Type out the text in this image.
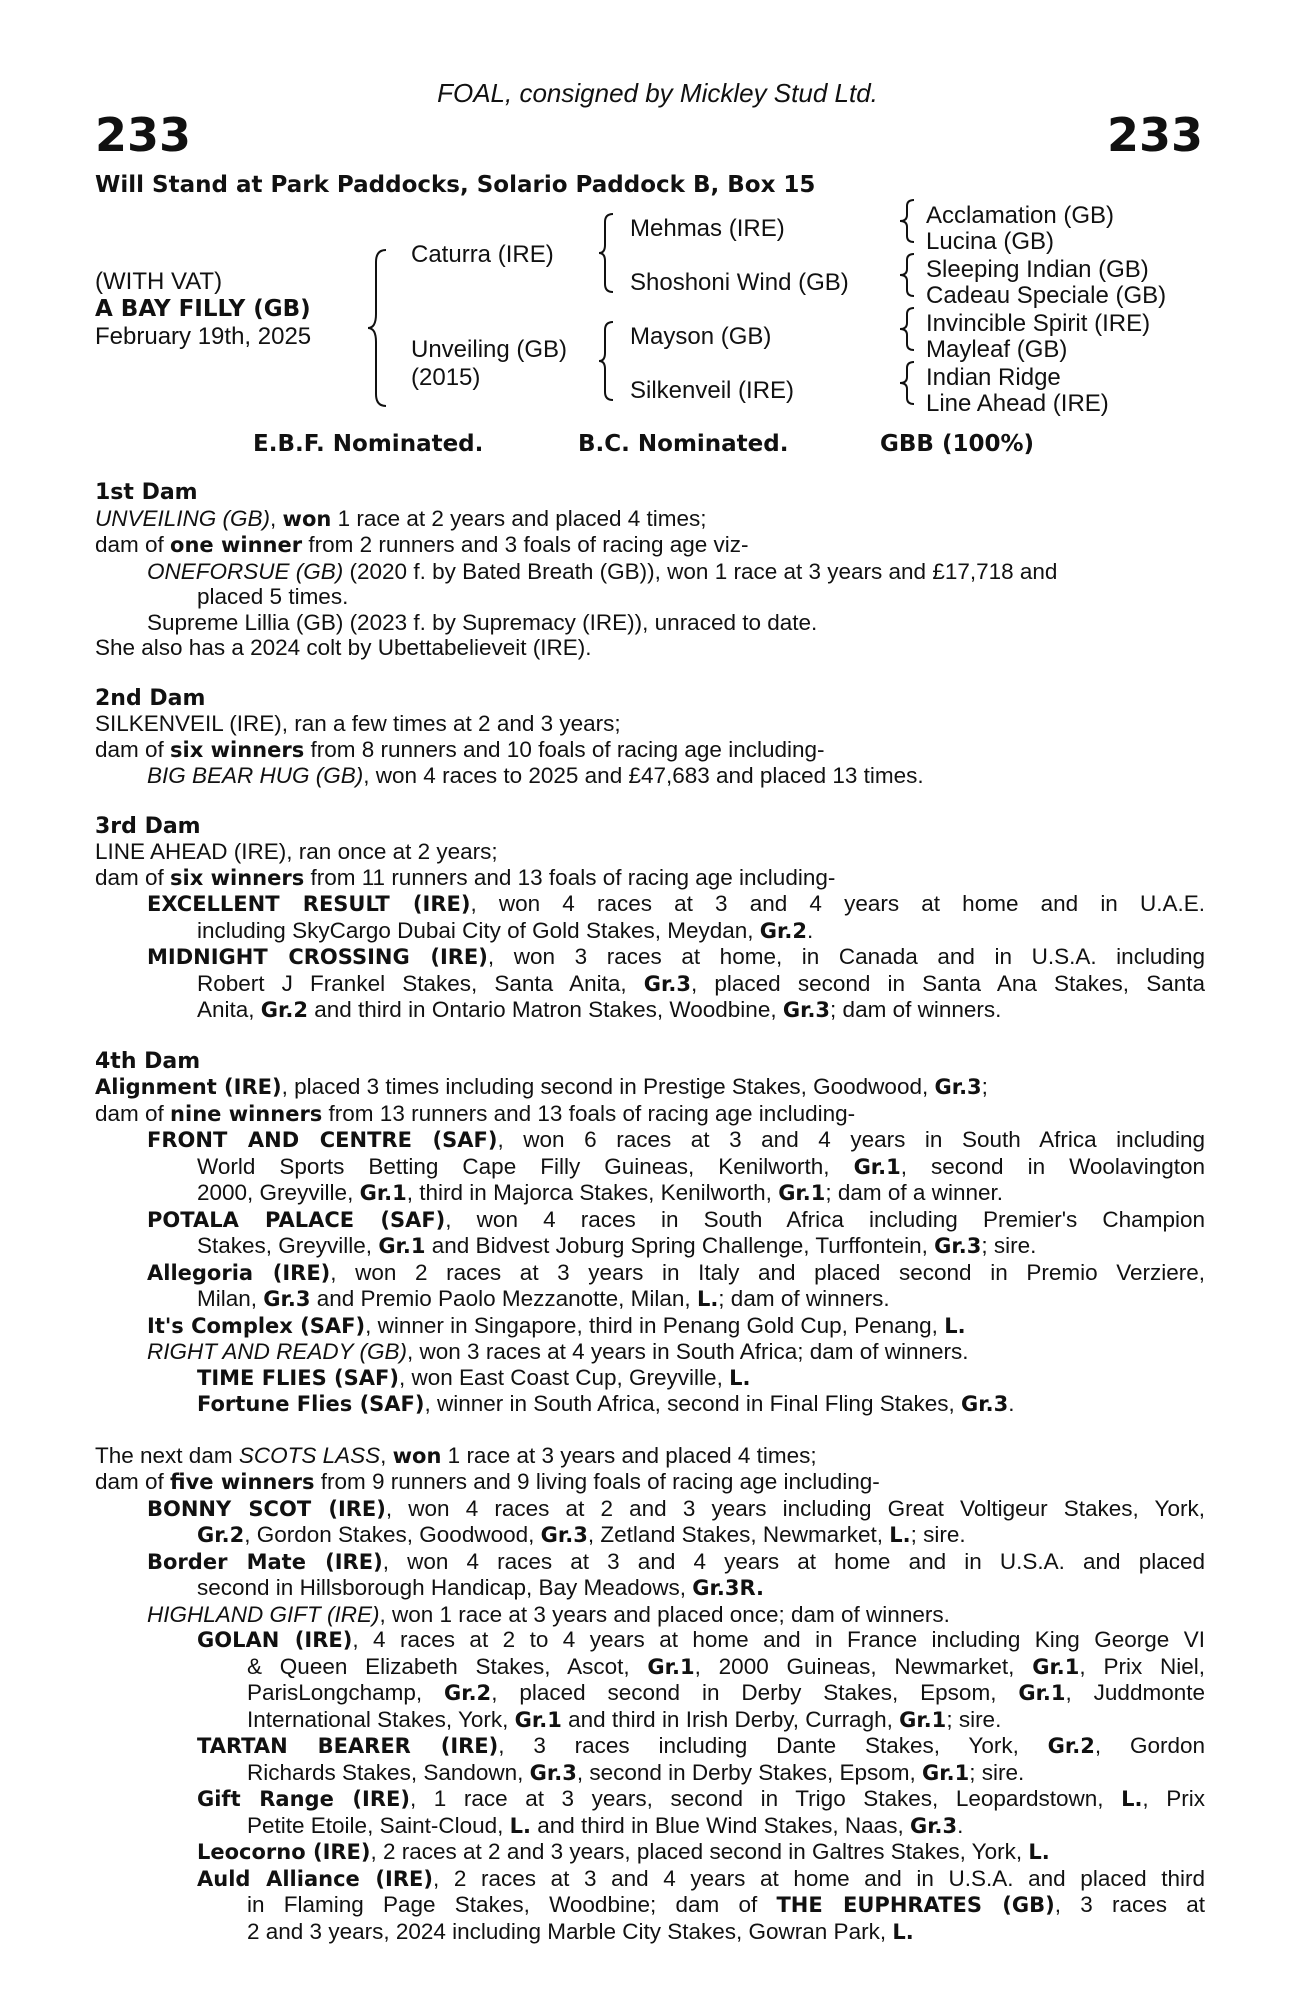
FOAL, consigned by Mickley Stud Ltd.
233	233
Will Stand at Park Paddocks, Solario Paddock B, Box 15
(WITH VAT)
A BAY FILLY (GB)
February 19th, 2025
Caturra (IRE)
Unveiling (GB)
(2015)
Mehmas (IRE)
Shoshoni Wind (GB)
Mayson (GB)
Silkenveil (IRE)
Acclamation (GB)
Lucina (GB)
Sleeping Indian (GB)
Cadeau Speciale (GB)
Invincible Spirit (IRE)
Mayleaf (GB)
Indian Ridge
Line Ahead (IRE)
E.B.F. Nominated.	B.C. Nominated.	GBB (100%)
1st Dam
UNVEILING (GB), won 1 race at 2 years and placed 4 times;
dam of one winner from 2 runners and 3 foals of racing age viz-
ONEFORSUE (GB) (2020 f. by Bated Breath (GB)), won 1 race at 3 years and £17,718 and
placed 5 times.
Supreme Lillia (GB) (2023 f. by Supremacy (IRE)), unraced to date.
She also has a 2024 colt by Ubettabelieveit (IRE).
2nd Dam
SILKENVEIL (IRE), ran a few times at 2 and 3 years;
dam of six winners from 8 runners and 10 foals of racing age including-
BIG BEAR HUG (GB), won 4 races to 2025 and £47,683 and placed 13 times.
3rd Dam
LINE AHEAD (IRE), ran once at 2 years;
dam of six winners from 11 runners and 13 foals of racing age including-
EXCELLENT RESULT (IRE), won 4 races at 3 and 4 years at home and in U.A.E.
including SkyCargo Dubai City of Gold Stakes, Meydan, Gr.2.
MIDNIGHT CROSSING (IRE), won 3 races at home, in Canada and in U.S.A. including
Robert J Frankel Stakes, Santa Anita, Gr.3, placed second in Santa Ana Stakes, Santa
Anita, Gr.2 and third in Ontario Matron Stakes, Woodbine, Gr.3; dam of winners.
4th Dam
Alignment (IRE), placed 3 times including second in Prestige Stakes, Goodwood, Gr.3;
dam of nine winners from 13 runners and 13 foals of racing age including-
FRONT AND CENTRE (SAF), won 6 races at 3 and 4 years in South Africa including
World Sports Betting Cape Filly Guineas, Kenilworth, Gr.1, second in Woolavington
2000, Greyville, Gr.1, third in Majorca Stakes, Kenilworth, Gr.1; dam of a winner.
POTALA PALACE (SAF), won 4 races in South Africa including Premier's Champion
Stakes, Greyville, Gr.1 and Bidvest Joburg Spring Challenge, Turffontein, Gr.3; sire.
Allegoria (IRE), won 2 races at 3 years in Italy and placed second in Premio Verziere,
Milan, Gr.3 and Premio Paolo Mezzanotte, Milan, L.; dam of winners.
It's Complex (SAF), winner in Singapore, third in Penang Gold Cup, Penang, L.
RIGHT AND READY (GB), won 3 races at 4 years in South Africa; dam of winners.
TIME FLIES (SAF), won East Coast Cup, Greyville, L.
Fortune Flies (SAF), winner in South Africa, second in Final Fling Stakes, Gr.3.
The next dam SCOTS LASS, won 1 race at 3 years and placed 4 times;
dam of five winners from 9 runners and 9 living foals of racing age including-
BONNY SCOT (IRE), won 4 races at 2 and 3 years including Great Voltigeur Stakes, York,
Gr.2, Gordon Stakes, Goodwood, Gr.3, Zetland Stakes, Newmarket, L.; sire.
Border Mate (IRE), won 4 races at 3 and 4 years at home and in U.S.A. and placed
second in Hillsborough Handicap, Bay Meadows, Gr.3R.
HIGHLAND GIFT (IRE), won 1 race at 3 years and placed once; dam of winners.
GOLAN (IRE), 4 races at 2 to 4 years at home and in France including King George VI
& Queen Elizabeth Stakes, Ascot, Gr.1, 2000 Guineas, Newmarket, Gr.1, Prix Niel,
ParisLongchamp, Gr.2, placed second in Derby Stakes, Epsom, Gr.1, Juddmonte
International Stakes, York, Gr.1 and third in Irish Derby, Curragh, Gr.1; sire.
TARTAN BEARER (IRE), 3 races including Dante Stakes, York, Gr.2, Gordon
Richards Stakes, Sandown, Gr.3, second in Derby Stakes, Epsom, Gr.1; sire.
Gift Range (IRE), 1 race at 3 years, second in Trigo Stakes, Leopardstown, L., Prix
Petite Etoile, Saint-Cloud, L. and third in Blue Wind Stakes, Naas, Gr.3.
Leocorno (IRE), 2 races at 2 and 3 years, placed second in Galtres Stakes, York, L.
Auld Alliance (IRE), 2 races at 3 and 4 years at home and in U.S.A. and placed third
in Flaming Page Stakes, Woodbine; dam of THE EUPHRATES (GB), 3 races at
2 and 3 years, 2024 including Marble City Stakes, Gowran Park, L.
